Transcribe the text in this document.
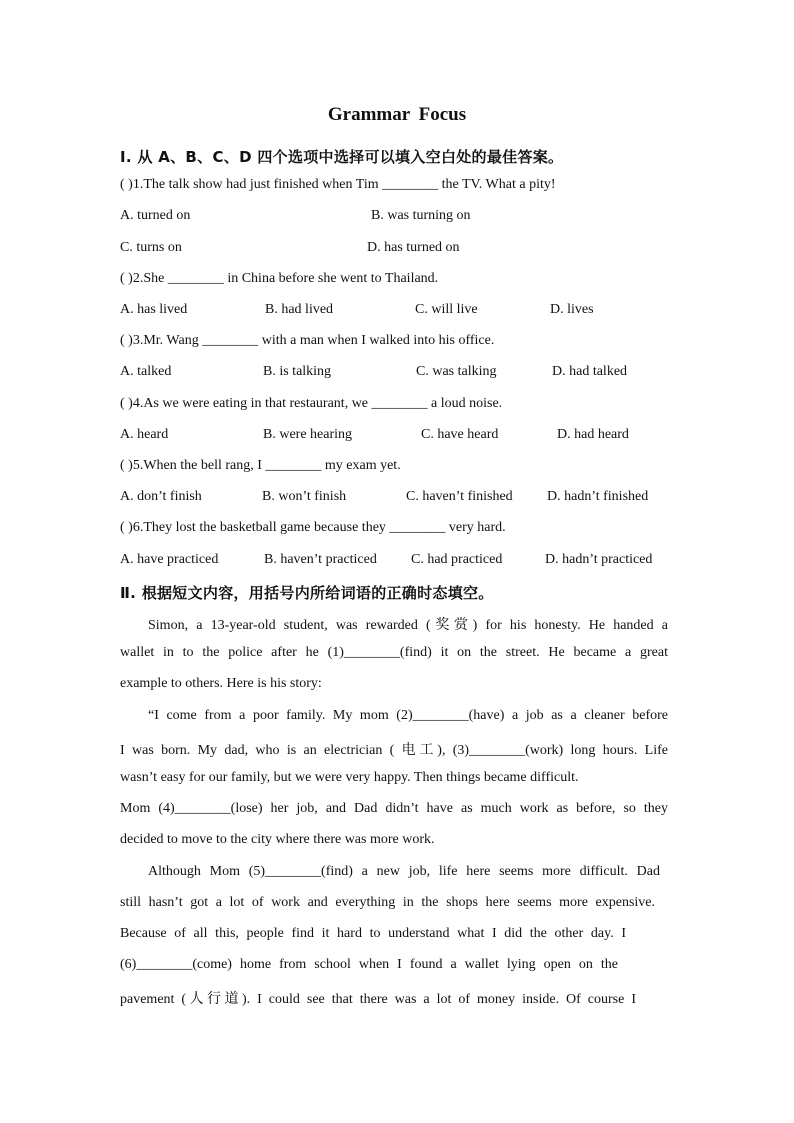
Grammar Focus
Ⅰ. 从 A、B、C、D 四个选项中选择可以填入空白处的最佳答案。
( )1.The talk show had just finished when Tim ________ the TV. What a pity!
A. turned on	B. was turning on
C. turns on	D. has turned on
( )2.She ________ in China before she went to Thailand.
A. has lived	B. had lived	C. will live	D. lives
( )3.Mr. Wang ________ with a man when I walked into his office.
A. talked	B. is talking	C. was talking	D. had talked
( )4.As we were eating in that restaurant, we ________ a loud noise.
A. heard	B. were hearing	C. have heard	D. had heard
( )5.When the bell rang, I ________ my exam yet.
A. don’t finish	B. won’t finish	C. haven’t finished D. hadn’t finished
( )6.They lost the basketball game because they ________ very hard.
A. have practiced	B. haven’t practiced C. had practiced	D. hadn’t practiced
Ⅱ. 根据短文内容，用括号内所给词语的正确时态填空。
Simon, a 13-year-old student, was rewarded (奖赏) for his honesty. He handed a
wallet in to the police after he (1)________(find) it on the street. He became a great
example to others. Here is his story:
“I come from a poor family. My mom (2)________(have) a job as a cleaner before
I was born. My dad, who is an electrician ( 电工), (3)________(work) long hours. Life
wasn’t easy for our family, but we were very happy. Then things became difficult.
Mom (4)________(lose) her job, and Dad didn’t have as much work as before, so they
decided to move to the city where there was more work.
Although Mom (5)________(find) a new job, life here seems more difficult. Dad
still hasn’t got a lot of work and everything in the shops here seems more expensive.
Because of all this, people find it hard to understand what I did the other day. I
(6)________(come) home from school when I found a wallet lying open on the
pavement (人行道). I could see that there was a lot of money inside. Of course I
